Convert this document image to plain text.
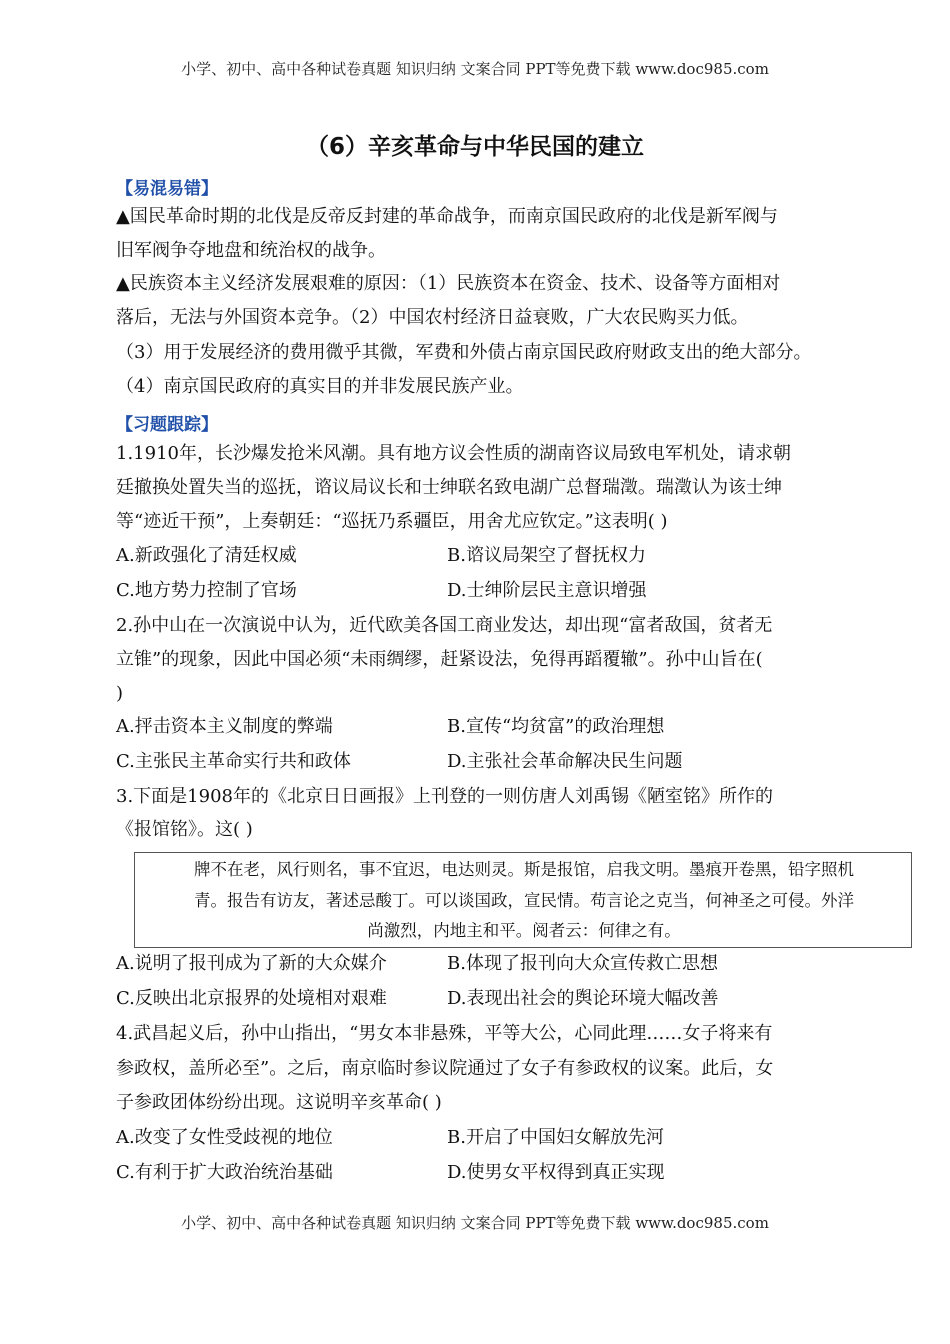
小学、初中、高中各种试卷真题 知识归纳 文案合同 PPT等免费下载 www.doc985.com
（6）辛亥革命与中华民国的建立
【易混易错】
▲国民革命时期的北伐是反帝反封建的革命战争，而南京国民政府的北伐是新军阀与
旧军阀争夺地盘和统治权的战争。
▲民族资本主义经济发展艰难的原因：（1）民族资本在资金、技术、设备等方面相对
落后，无法与外国资本竞争。（2）中国农村经济日益衰败，广大农民购买力低。
（3）用于发展经济的费用微乎其微，军费和外债占南京国民政府财政支出的绝大部分。
（4）南京国民政府的真实目的并非发展民族产业。
【习题跟踪】
1.1910年，长沙爆发抢米风潮。具有地方议会性质的湖南咨议局致电军机处，请求朝
廷撤换处置失当的巡抚，谘议局议长和士绅联名致电湖广总督瑞澂。瑞澂认为该士绅
等“迹近干预”，上奏朝廷：“巡抚乃系疆臣，用舍尤应钦定。”这表明( )
A.新政强化了清廷权威	B.谘议局架空了督抚权力
C.地方势力控制了官场	D.士绅阶层民主意识增强
2.孙中山在一次演说中认为，近代欧美各国工商业发达，却出现“富者敌国，贫者无
立锥”的现象，因此中国必须“未雨绸缪，赶紧设法，免得再蹈覆辙”。孙中山旨在(
)
A.抨击资本主义制度的弊端	B.宣传“均贫富”的政治理想
C.主张民主革命实行共和政体	D.主张社会革命解决民生问题
3.下面是1908年的《北京日日画报》上刊登的一则仿唐人刘禹锡《陋室铭》所作的
《报馆铭》。这( )
牌不在老，风行则名，事不宜迟，电达则灵。斯是报馆，启我文明。墨痕开卷黑，铅字照机
青。报告有访友，著述忌酸丁。可以谈国政，宣民情。苟言论之克当，何神圣之可侵。外洋
尚激烈，内地主和平。阅者云：何律之有。
A.说明了报刊成为了新的大众媒介	B.体现了报刊向大众宣传救亡思想
C.反映出北京报界的处境相对艰难	D.表现出社会的舆论环境大幅改善
4.武昌起义后，孙中山指出，“男女本非悬殊，平等大公，心同此理……女子将来有
参政权，盖所必至”。之后，南京临时参议院通过了女子有参政权的议案。此后，女
子参政团体纷纷出现。这说明辛亥革命( )
A.改变了女性受歧视的地位	B.开启了中国妇女解放先河
C.有利于扩大政治统治基础	D.使男女平权得到真正实现
小学、初中、高中各种试卷真题 知识归纳 文案合同 PPT等免费下载 www.doc985.com
